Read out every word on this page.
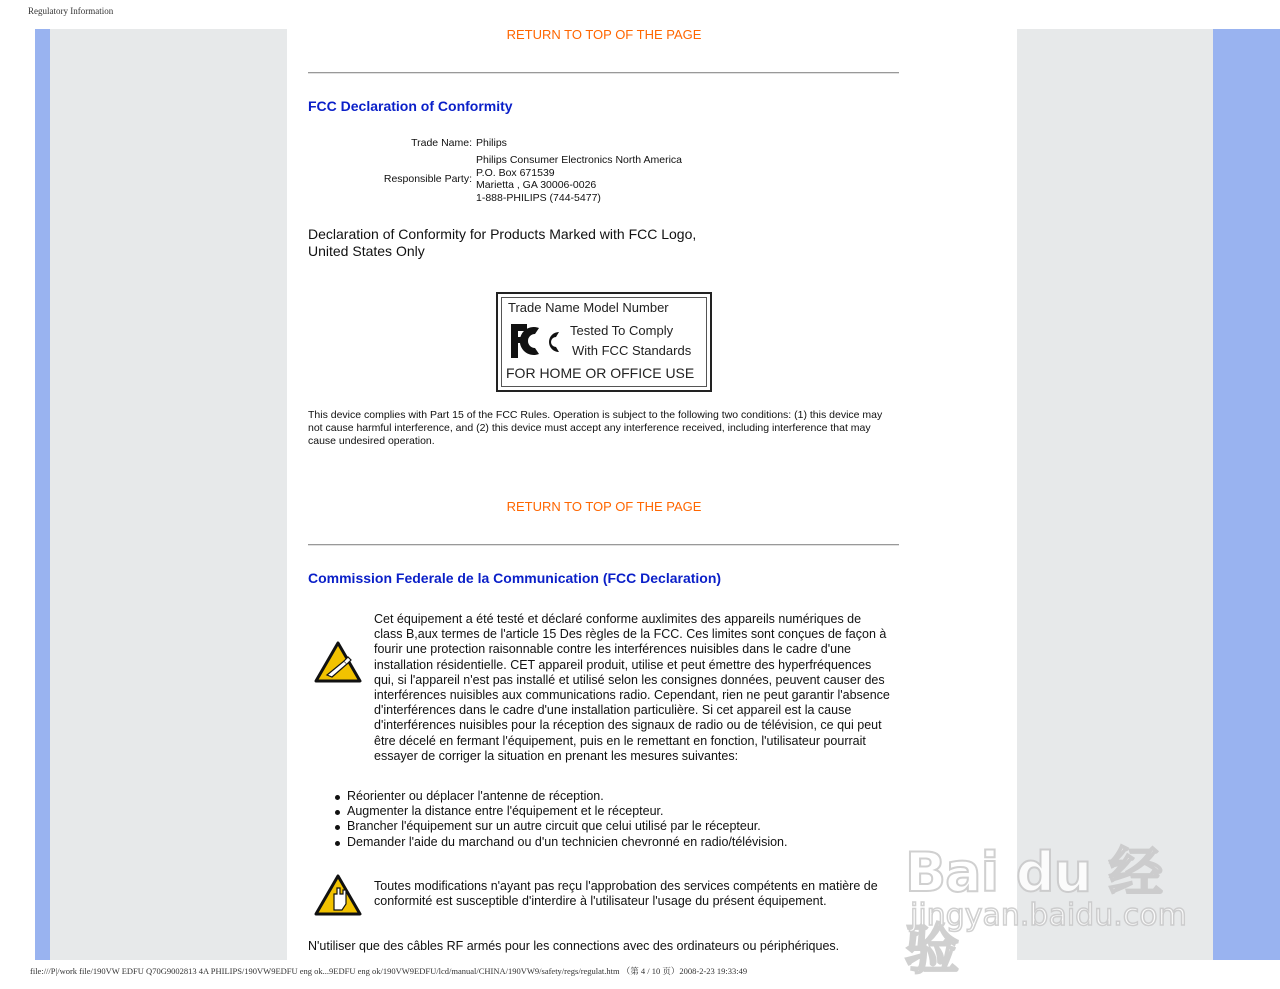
Regulatory Information
RETURN TO TOP OF THE PAGE
FCC Declaration of Conformity
Trade Name: Philips
Responsible Party:
Philips Consumer Electronics North America
P.O. Box 671539
Marietta , GA 30006-0026
1-888-PHILIPS (744-5477)
Declaration of Conformity for Products Marked with FCC Logo,
United States Only
Trade Name Model Number
Tested To Comply
With FCC Standards
FOR HOME OR OFFICE USE
This device complies with Part 15 of the FCC Rules. Operation is subject to the following two conditions: (1) this device may not cause harmful interference, and (2) this device must accept any interference received, including interference that may cause undesired operation.
RETURN TO TOP OF THE PAGE
Commission Federale de la Communication (FCC Declaration)
Cet équipement a été testé et déclaré conforme auxlimites des appareils numériques de class B,aux termes de l'article 15 Des règles de la FCC. Ces limites sont conçues de façon à fourir une protection raisonnable contre les interférences nuisibles dans le cadre d'une installation résidentielle. CET appareil produit, utilise et peut émettre des hyperfréquences qui, si l'appareil n'est pas installé et utilisé selon les consignes données, peuvent causer des interférences nuisibles aux communications radio. Cependant, rien ne peut garantir l'absence d'interférences dans le cadre d'une installation particulière. Si cet appareil est la cause d'interférences nuisibles pour la réception des signaux de radio ou de télévision, ce qui peut être décelé en fermant l'équipement, puis en le remettant en fonction, l'utilisateur pourrait essayer de corriger la situation en prenant les mesures suivantes:
Réorienter ou déplacer l'antenne de réception.
Augmenter la distance entre l'équipement et le récepteur.
Brancher l'équipement sur un autre circuit que celui utilisé par le récepteur.
Demander l'aide du marchand ou d'un technicien chevronné en radio/télévision.
Toutes modifications n'ayant pas reçu l'approbation des services compétents en matière de conformité est susceptible d'interdire à l'utilisateur l'usage du présent équipement.
N'utiliser que des câbles RF armés pour les connections avec des ordinateurs ou périphériques.
Bai du 经验
jingyan.baidu.com
file:///P|/work file/190VW EDFU Q70G9002813 4A PHILIPS/190VW9EDFU eng ok...9EDFU eng ok/190VW9EDFU/lcd/manual/CHINA/190VW9/safety/regs/regulat.htm （第 4 / 10 页）2008-2-23 19:33:49
